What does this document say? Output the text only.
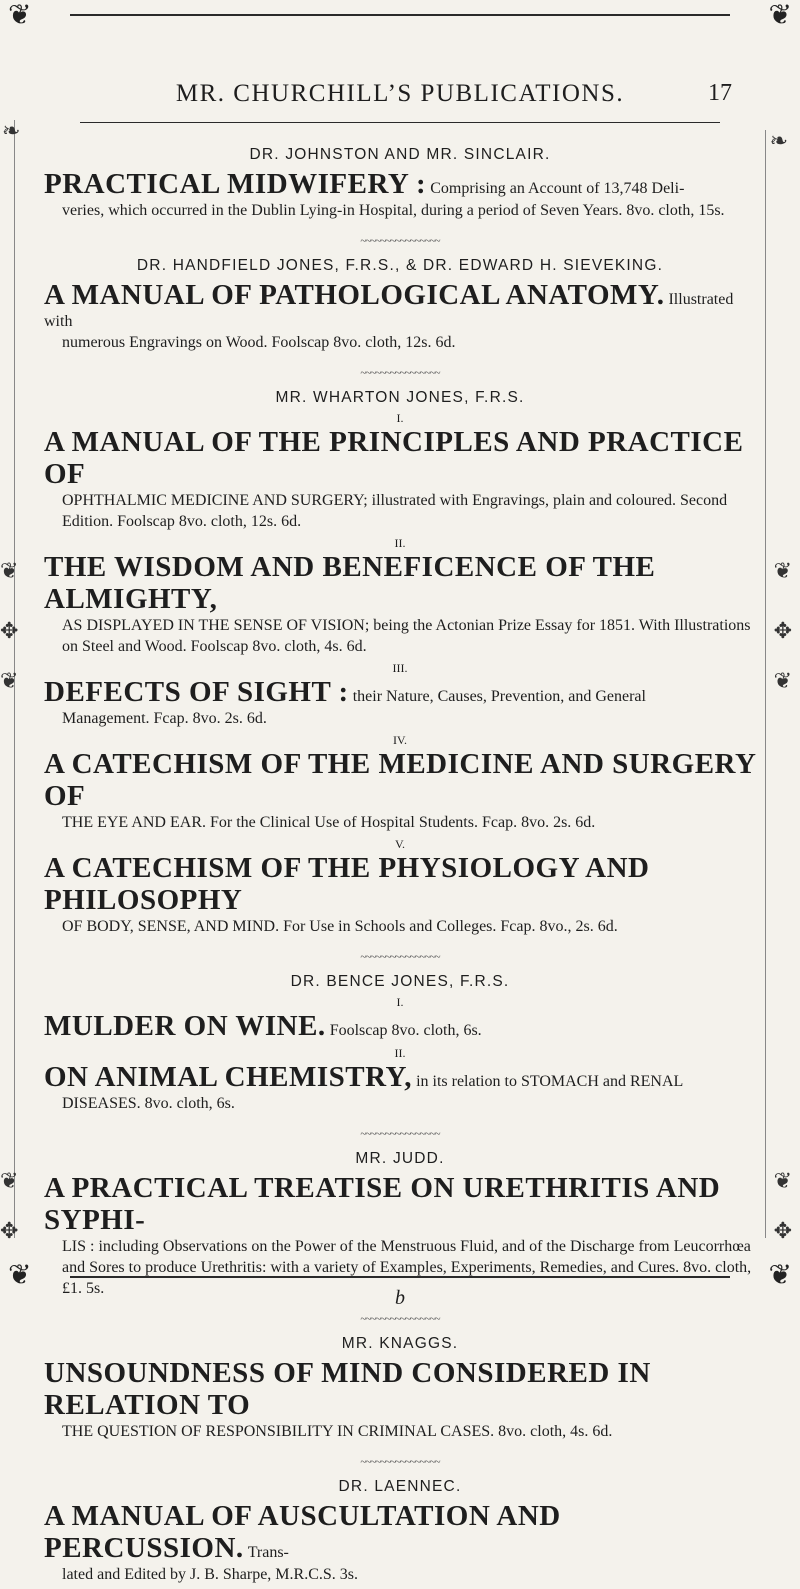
❦	❦
❦	❦
❧	❧
❦
✥
❦
❦
✥
❦
❦
✥
❦
✥
MR. CHURCHILL’S PUBLICATIONS.	17
DR. JOHNSTON AND MR. SINCLAIR.
PRACTICAL MIDWIFERY : Comprising an Account of 13,748 Deli-
veries, which occurred in the Dublin Lying-in Hospital, during a period of Seven Years. 8vo. cloth, 15s.
~~~~~~~~~~~~~~~~
DR. HANDFIELD JONES, F.R.S., & DR. EDWARD H. SIEVEKING.
A MANUAL OF PATHOLOGICAL ANATOMY. Illustrated with
numerous Engravings on Wood. Foolscap 8vo. cloth, 12s. 6d.
~~~~~~~~~~~~~~~~
MR. WHARTON JONES, F.R.S.
I.
A MANUAL OF THE PRINCIPLES AND PRACTICE OF
OPHTHALMIC MEDICINE AND SURGERY; illustrated with Engravings, plain and coloured. Second Edition. Foolscap 8vo. cloth, 12s. 6d.
II.
THE WISDOM AND BENEFICENCE OF THE ALMIGHTY,
AS DISPLAYED IN THE SENSE OF VISION; being the Actonian Prize Essay for 1851. With Illustrations on Steel and Wood. Foolscap 8vo. cloth, 4s. 6d.
III.
DEFECTS OF SIGHT : their Nature, Causes, Prevention, and General
Management. Fcap. 8vo. 2s. 6d.
IV.
A CATECHISM OF THE MEDICINE AND SURGERY OF
THE EYE AND EAR. For the Clinical Use of Hospital Students. Fcap. 8vo. 2s. 6d.
V.
A CATECHISM OF THE PHYSIOLOGY AND PHILOSOPHY
OF BODY, SENSE, AND MIND. For Use in Schools and Colleges. Fcap. 8vo., 2s. 6d.
~~~~~~~~~~~~~~~~
DR. BENCE JONES, F.R.S.
I.
MULDER ON WINE. Foolscap 8vo. cloth, 6s.
II.
ON ANIMAL CHEMISTRY, in its relation to STOMACH and RENAL
DISEASES. 8vo. cloth, 6s.
~~~~~~~~~~~~~~~~
MR. JUDD.
A PRACTICAL TREATISE ON URETHRITIS AND SYPHI-
LIS : including Observations on the Power of the Menstruous Fluid, and of the Discharge from Leucorrhœa and Sores to produce Urethritis: with a variety of Examples, Experiments, Remedies, and Cures. 8vo. cloth, £1. 5s.
~~~~~~~~~~~~~~~~
MR. KNAGGS.
UNSOUNDNESS OF MIND CONSIDERED IN RELATION TO
THE QUESTION OF RESPONSIBILITY IN CRIMINAL CASES. 8vo. cloth, 4s. 6d.
~~~~~~~~~~~~~~~~
DR. LAENNEC.
A MANUAL OF AUSCULTATION AND PERCUSSION. Trans-
lated and Edited by J. B. Sharpe, M.R.C.S. 3s.
b
